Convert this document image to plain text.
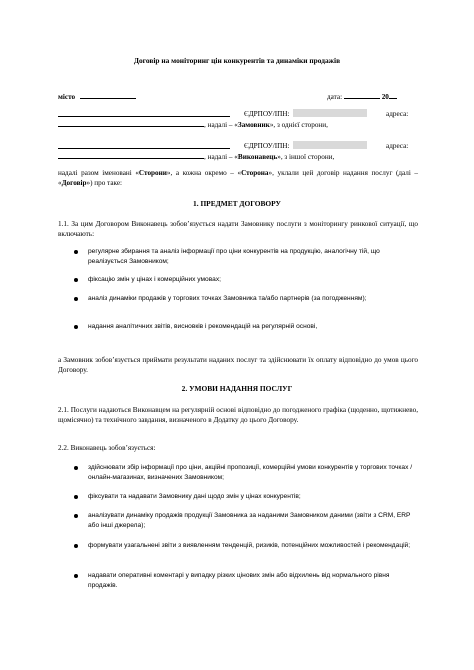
Договір на моніторинг цін конкурентів та динаміки продажів
місто	дата:	20
ЄДРПОУ/ІПН:	адреса:
, надалі – «Замовник», з однієї сторони,
ЄДРПОУ/ІПН:	адреса:
, надалі – «Виконавець», з іншої сторони,
надалі разом іменовані «Сторони», а кожна окремо – «Сторона», уклали цей договір надання послуг (далі – «Договір») про таке:
1. ПРЕДМЕТ ДОГОВОРУ
1.1. За цим Договором Виконавець зобов’язується надати Замовнику послуги з моніторингу ринкової ситуації, що включають:
регулярне збирання та аналіз інформації про ціни конкурентів на продукцію, аналогічну тій, що реалізується Замовником;
фіксацію змін у цінах і комерційних умовах;
аналіз динаміки продажів у торгових точках Замовника та/або партнерів (за погодженням);
надання аналітичних звітів, висновків і рекомендацій на регулярній основі,
а Замовник зобов’язується приймати результати наданих послуг та здійснювати їх оплату відповідно до умов цього Договору.
2. УМОВИ НАДАННЯ ПОСЛУГ
2.1. Послуги надаються Виконавцем на регулярній основі відповідно до погодженого графіка (щоденно, щотижнево, щомісячно) та технічного завдання, визначеного в Додатку до цього Договору.
2.2. Виконавець зобов’язується:
здійснювати збір інформації про ціни, акційні пропозиції, комерційні умови конкурентів у торгових точках / онлайн-магазинах, визначених Замовником;
фіксувати та надавати Замовнику дані щодо змін у цінах конкурентів;
аналізувати динаміку продажів продукції Замовника за наданими Замовником даними (звіти з CRM, ERP або інші джерела);
формувати узагальнені звіти з виявленням тенденцій, ризиків, потенційних можливостей і рекомендацій;
надавати оперативні коментарі у випадку різких цінових змін або відхилень від нормального рівня продажів.
